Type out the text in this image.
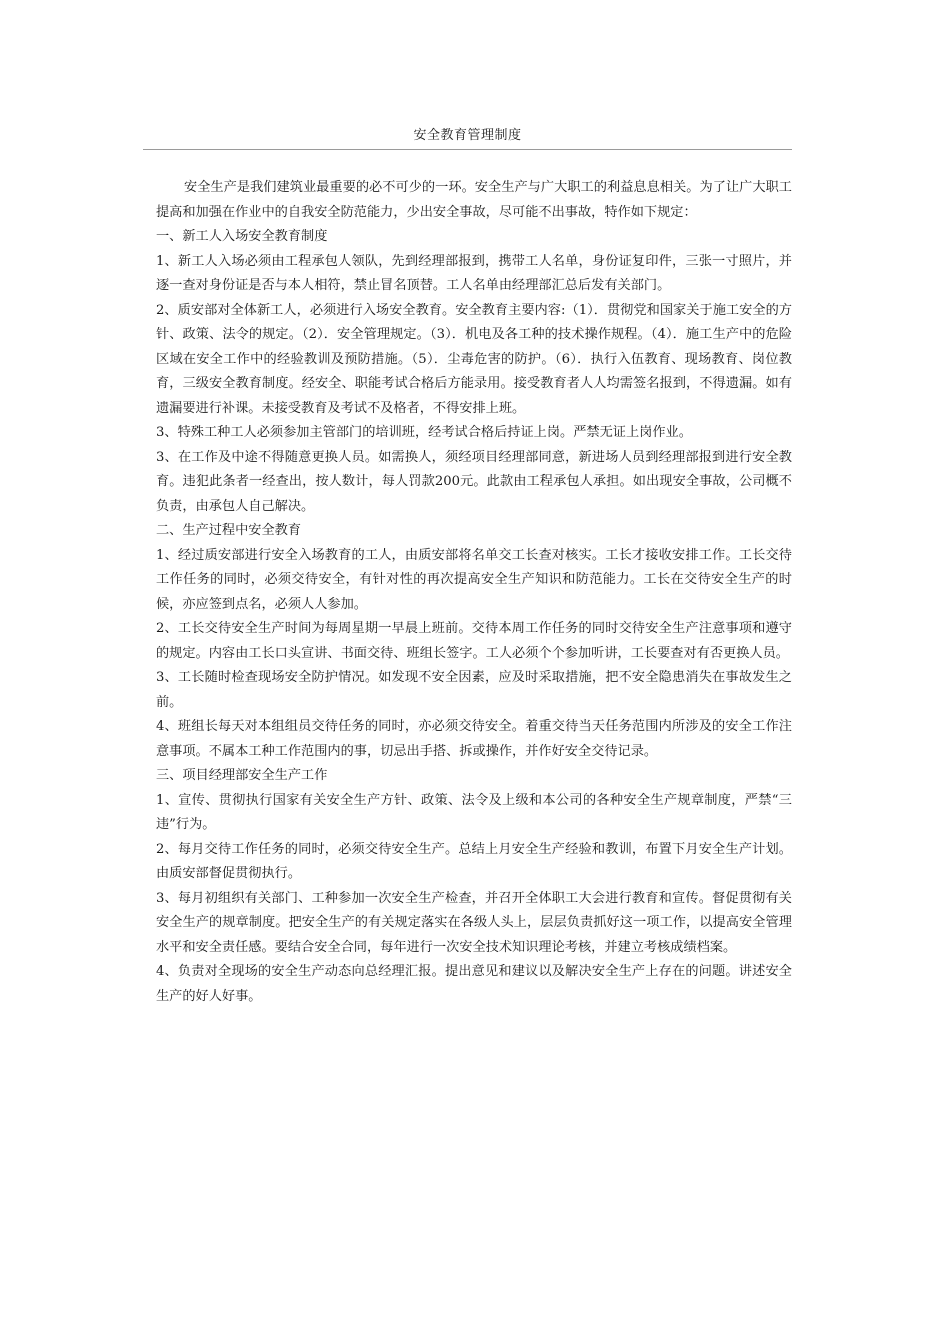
安全教育管理制度

安全生产是我们建筑业最重要的必不可少的一环。安全生产与广大职工的利益息息相关。为了让广大职工提高和加强在作业中的自我安全防范能力，少出安全事故，尽可能不出事故，特作如下规定：

一、新工人入场安全教育制度

1、新工人入场必须由工程承包人领队，先到经理部报到，携带工人名单，身份证复印件，三张一寸照片，并逐一查对身份证是否与本人相符，禁止冒名顶替。工人名单由经理部汇总后发有关部门。

2、质安部对全体新工人，必须进行入场安全教育。安全教育主要内容:（1）．贯彻党和国家关于施工安全的方针、政策、法令的规定。（2）．安全管理规定。（3）．机电及各工种的技术操作规程。（4）．施工生产中的危险区域在安全工作中的经验教训及预防措施。（5）．尘毒危害的防护。（6）．执行入伍教育、现场教育、岗位教育，三级安全教育制度。经安全、职能考试合格后方能录用。接受教育者人人均需签名报到，不得遗漏。如有遗漏要进行补课。未接受教育及考试不及格者，不得安排上班。

3、特殊工种工人必须参加主管部门的培训班，经考试合格后持证上岗。严禁无证上岗作业。

3、在工作及中途不得随意更换人员。如需换人，须经项目经理部同意，新进场人员到经理部报到进行安全教育。违犯此条者一经查出，按人数计，每人罚款200元。此款由工程承包人承担。如出现安全事故，公司概不负责，由承包人自己解决。

二、生产过程中安全教育

1、经过质安部进行安全入场教育的工人，由质安部将名单交工长查对核实。工长才接收安排工作。工长交待工作任务的同时，必须交待安全，有针对性的再次提高安全生产知识和防范能力。工长在交待安全生产的时候，亦应签到点名，必须人人参加。

2、工长交待安全生产时间为每周星期一早晨上班前。交待本周工作任务的同时交待安全生产注意事项和遵守的规定。内容由工长口头宣讲、书面交待、班组长签字。工人必须个个参加听讲，工长要查对有否更换人员。

3、工长随时检查现场安全防护情况。如发现不安全因素，应及时采取措施，把不安全隐患消失在事故发生之前。

4、班组长每天对本组组员交待任务的同时，亦必须交待安全。着重交待当天任务范围内所涉及的安全工作注意事项。不属本工种工作范围内的事，切忌出手搭、拆或操作，并作好安全交待记录。

三、项目经理部安全生产工作

1、宣传、贯彻执行国家有关安全生产方针、政策、法令及上级和本公司的各种安全生产规章制度，严禁“三违”行为。

2、每月交待工作任务的同时，必须交待安全生产。总结上月安全生产经验和教训，布置下月安全生产计划。由质安部督促贯彻执行。

3、每月初组织有关部门、工种参加一次安全生产检查，并召开全体职工大会进行教育和宣传。督促贯彻有关安全生产的规章制度。把安全生产的有关规定落实在各级人头上，层层负责抓好这一项工作，以提高安全管理水平和安全责任感。要结合安全合同，每年进行一次安全技术知识理论考核，并建立考核成绩档案。

4、负责对全现场的安全生产动态向总经理汇报。提出意见和建议以及解决安全生产上存在的问题。讲述安全生产的好人好事。
